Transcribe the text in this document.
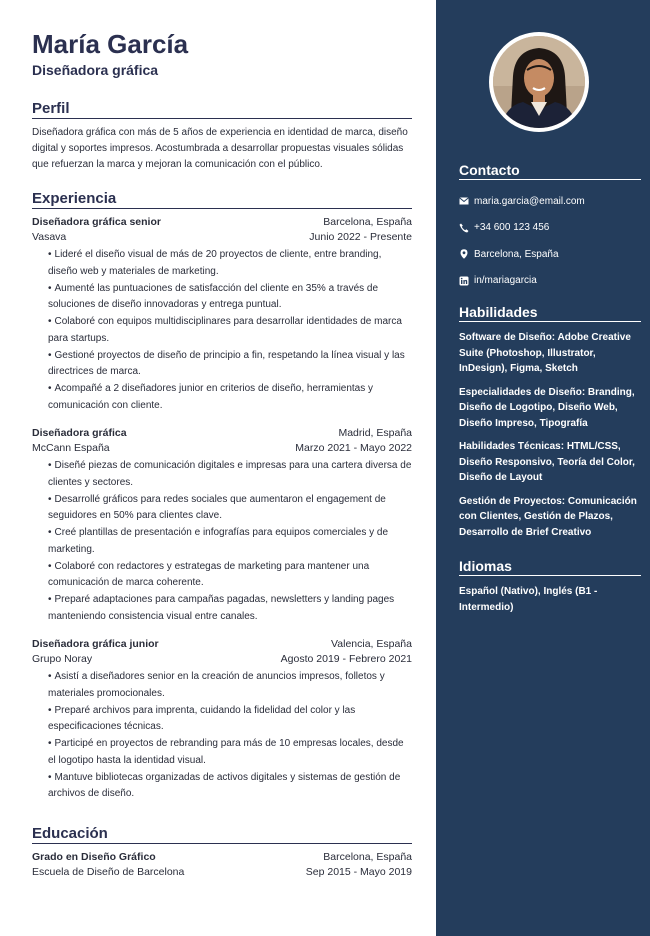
María García
Diseñadora gráfica
Perfil
Diseñadora gráfica con más de 5 años de experiencia en identidad de marca, diseño digital y soportes impresos. Acostumbrada a desarrollar propuestas visuales sólidas que refuerzan la marca y mejoran la comunicación con el público.
Experiencia
Diseñadora gráfica senior	Barcelona, España
Vasava	Junio 2022 - Presente
• Lideré el diseño visual de más de 20 proyectos de cliente, entre branding, diseño web y materiales de marketing.
• Aumenté las puntuaciones de satisfacción del cliente en 35% a través de soluciones de diseño innovadoras y entrega puntual.
• Colaboré con equipos multidisciplinares para desarrollar identidades de marca para startups.
• Gestioné proyectos de diseño de principio a fin, respetando la línea visual y las directrices de marca.
• Acompañé a 2 diseñadores junior en criterios de diseño, herramientas y comunicación con cliente.
Diseñadora gráfica	Madrid, España
McCann España	Marzo 2021 - Mayo 2022
• Diseñé piezas de comunicación digitales e impresas para una cartera diversa de clientes y sectores.
• Desarrollé gráficos para redes sociales que aumentaron el engagement de seguidores en 50% para clientes clave.
• Creé plantillas de presentación e infografías para equipos comerciales y de marketing.
• Colaboré con redactores y estrategas de marketing para mantener una comunicación de marca coherente.
• Preparé adaptaciones para campañas pagadas, newsletters y landing pages manteniendo consistencia visual entre canales.
Diseñadora gráfica junior	Valencia, España
Grupo Noray	Agosto 2019 - Febrero 2021
• Asistí a diseñadores senior en la creación de anuncios impresos, folletos y materiales promocionales.
• Preparé archivos para imprenta, cuidando la fidelidad del color y las especificaciones técnicas.
• Participé en proyectos de rebranding para más de 10 empresas locales, desde el logotipo hasta la identidad visual.
• Mantuve bibliotecas organizadas de activos digitales y sistemas de gestión de archivos de diseño.
Educación
Grado en Diseño Gráfico	Barcelona, España
Escuela de Diseño de Barcelona	Sep 2015 - Mayo 2019
Contacto
maria.garcia@email.com
+34 600 123 456
Barcelona, España
in/mariagarcia
Habilidades
Software de Diseño: Adobe Creative Suite (Photoshop, Illustrator, InDesign), Figma, Sketch
Especialidades de Diseño: Branding, Diseño de Logotipo, Diseño Web, Diseño Impreso, Tipografía
Habilidades Técnicas: HTML/CSS, Diseño Responsivo, Teoría del Color, Diseño de Layout
Gestión de Proyectos: Comunicación con Clientes, Gestión de Plazos, Desarrollo de Brief Creativo
Idiomas
Español (Nativo), Inglés (B1 - Intermedio)
